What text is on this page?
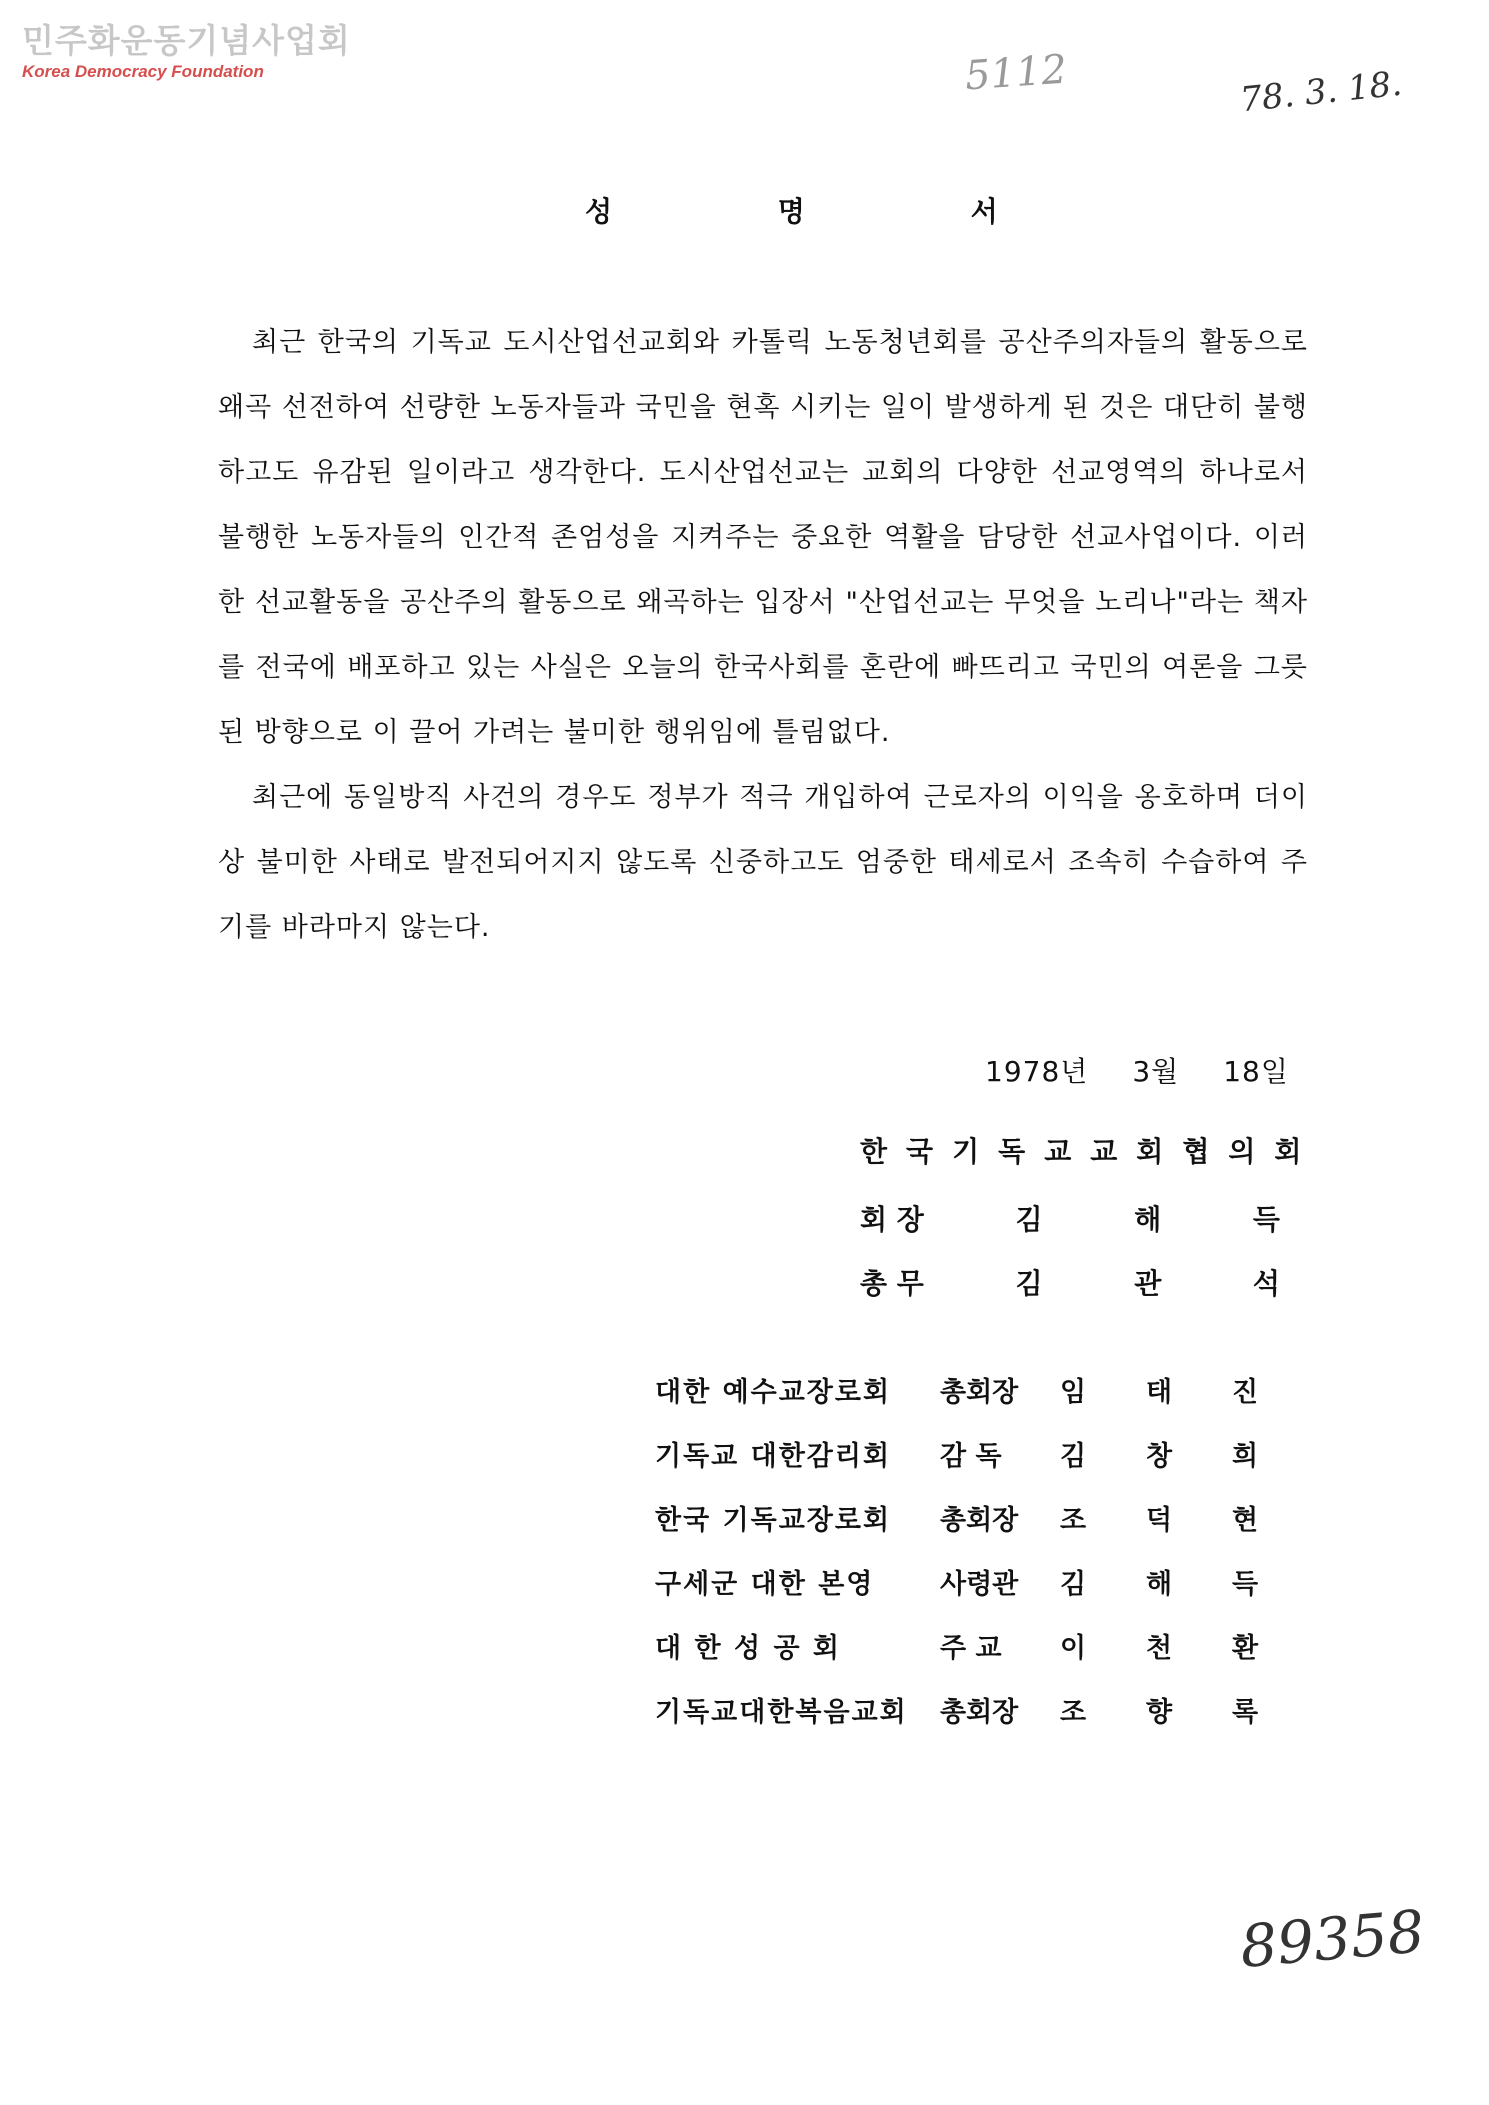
민주화운동기념사업회
Korea Democracy Foundation	5112	78. 3. 18.
89358
성 명 서

최근 한국의 기독교 도시산업선교회와 카톨릭 노동청년회를 공산주의자들의 활동으로 왜곡 선전하여 선량한 노동자들과 국민을 현혹 시키는 일이 발생하게 된 것은 대단히 불행하고도 유감된 일이라고 생각한다. 도시산업선교는 교회의 다양한 선교영역의 하나로서 불행한 노동자들의 인간적 존엄성을 지켜주는 중요한 역활을 담당한 선교사업이다. 이러한 선교활동을 공산주의 활동으로 왜곡하는 입장서 "산업선교는 무엇을 노리나"라는 책자를 전국에 배포하고 있는 사실은 오늘의 한국사회를 혼란에 빠뜨리고 국민의 여론을 그릇된 방향으로 이 끌어 가려는 불미한 행위임에 틀림없다.

최근에 동일방직 사건의 경우도 정부가 적극 개입하여 근로자의 이익을 옹호하며 더이상 불미한 사태로 발전되어지지 않도록 신중하고도 엄중한 태세로서 조속히 수습하여 주기를 바라마지 않는다.

1978년 3월 18일
한국기독교교회협의회
회 장	김	해	득
총 무	김	관	석
대한 예수교장로회	총회장	임	태	진
기독교 대한감리회	감 독	김	창	희
한국 기독교장로회	총회장	조	덕	현
구세군 대한 본영	사령관	김	해	득
대 한 성 공 회	주 교	이	천	환
기독교대한복음교회	총회장	조	향	록
